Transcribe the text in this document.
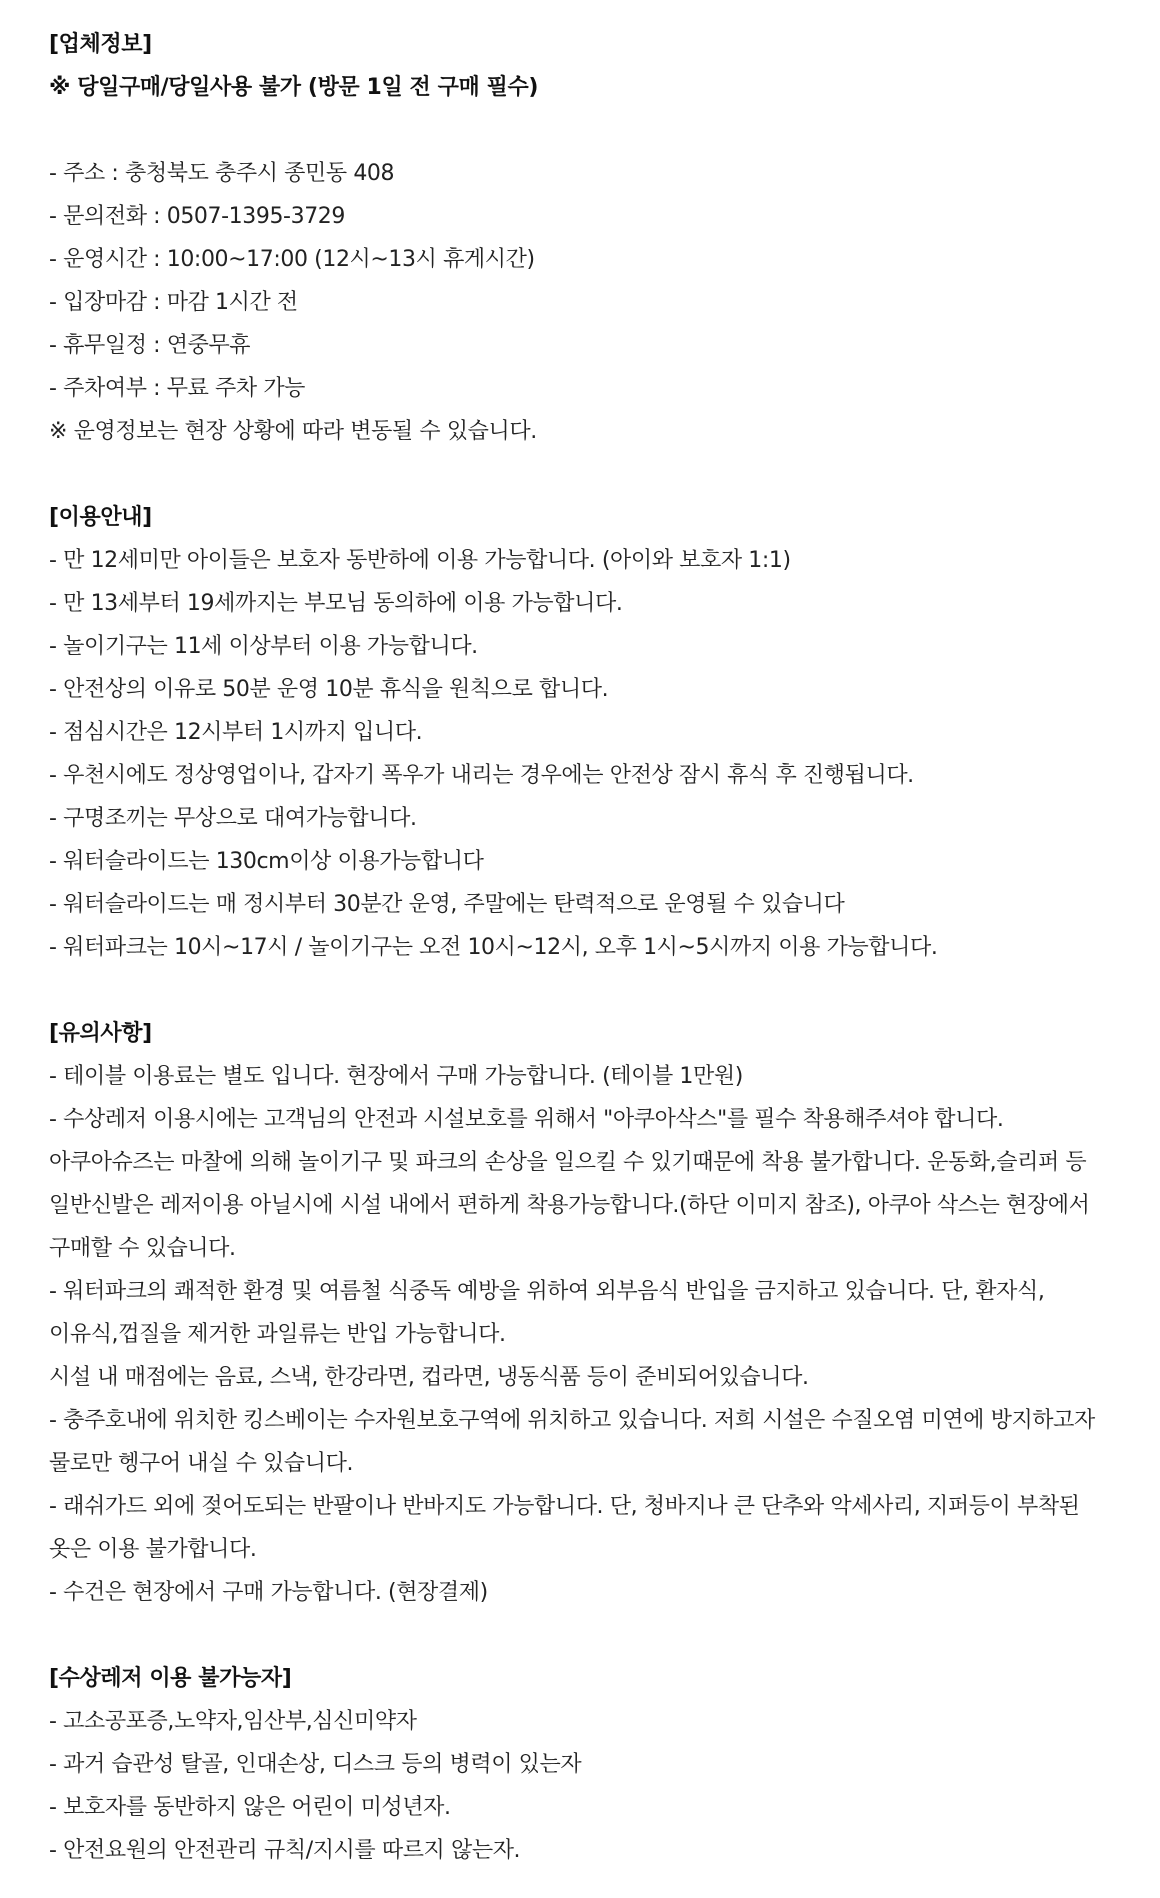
[업체정보]
※ 당일구매/당일사용 불가 (방문 1일 전 구매 필수)
- 주소 : 충청북도 충주시 종민동 408
- 문의전화 : 0507-1395-3729
- 운영시간 : 10:00~17:00 (12시~13시 휴게시간)
- 입장마감 : 마감 1시간 전
- 휴무일정 : 연중무휴
- 주차여부 : 무료 주차 가능
※ 운영정보는 현장 상황에 따라 변동될 수 있습니다.
[이용안내]
- 만 12세미만 아이들은 보호자 동반하에 이용 가능합니다. (아이와 보호자 1:1)
- 만 13세부터 19세까지는 부모님 동의하에 이용 가능합니다.
- 놀이기구는 11세 이상부터 이용 가능합니다.
- 안전상의 이유로 50분 운영 10분 휴식을 원칙으로 합니다.
- 점심시간은 12시부터 1시까지 입니다.
- 우천시에도 정상영업이나, 갑자기 폭우가 내리는 경우에는 안전상 잠시 휴식 후 진행됩니다.
- 구명조끼는 무상으로 대여가능합니다.
- 워터슬라이드는 130cm이상 이용가능합니다
- 워터슬라이드는 매 정시부터 30분간 운영, 주말에는 탄력적으로 운영될 수 있습니다
- 워터파크는 10시~17시 / 놀이기구는 오전 10시~12시, 오후 1시~5시까지 이용 가능합니다.
[유의사항]
- 테이블 이용료는 별도 입니다. 현장에서 구매 가능합니다. (테이블 1만원)
- 수상레저 이용시에는 고객님의 안전과 시설보호를 위해서 "아쿠아삭스"를 필수 착용해주셔야 합니다. 아쿠아슈즈는 마찰에 의해 놀이기구 및 파크의 손상을 일으킬 수 있기때문에 착용 불가합니다. 운동화,슬리퍼 등 일반신발은 레저이용 아닐시에 시설 내에서 편하게 착용가능합니다.(하단 이미지 참조), 아쿠아 삭스는 현장에서 구매할 수 있습니다.
- 워터파크의 쾌적한 환경 및 여름철 식중독 예방을 위하여 외부음식 반입을 금지하고 있습니다. 단, 환자식,이유식,껍질을 제거한 과일류는 반입 가능합니다.
시설 내 매점에는 음료, 스낵, 한강라면, 컵라면, 냉동식품 등이 준비되어있습니다.
- 충주호내에 위치한 킹스베이는 수자원보호구역에 위치하고 있습니다. 저희 시설은 수질오염 미연에 방지하고자 물로만 헹구어 내실 수 있습니다.
- 래쉬가드 외에 젖어도되는 반팔이나 반바지도 가능합니다. 단, 청바지나 큰 단추와 악세사리, 지퍼등이 부착된 옷은 이용 불가합니다.
- 수건은 현장에서 구매 가능합니다. (현장결제)
[수상레저 이용 불가능자]
- 고소공포증,노약자,임산부,심신미약자
- 과거 습관성 탈골, 인대손상, 디스크 등의 병력이 있는자
- 보호자를 동반하지 않은 어린이 미성년자.
- 안전요원의 안전관리 규칙/지시를 따르지 않는자.
